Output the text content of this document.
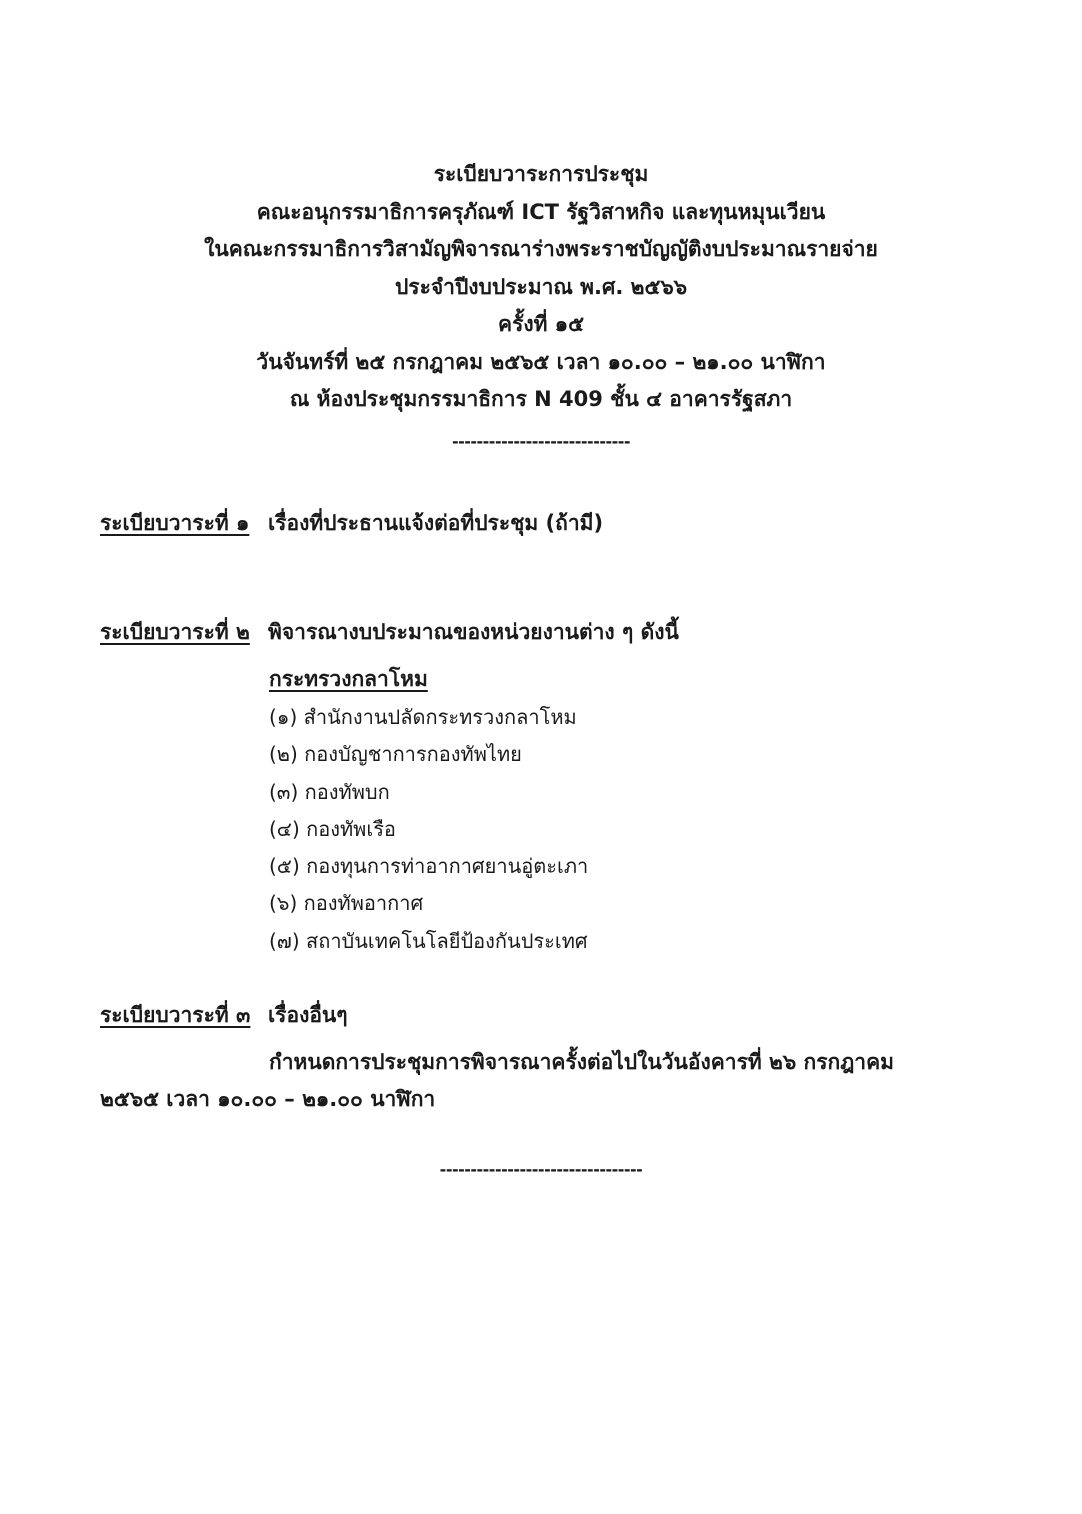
ระเบียบวาระการประชุม
คณะอนุกรรมาธิการครุภัณฑ์ ICT รัฐวิสาหกิจ และทุนหมุนเวียน
ในคณะกรรมาธิการวิสามัญพิจารณาร่างพระราชบัญญัติงบประมาณรายจ่าย
ประจำปีงบประมาณ พ.ศ. ๒๕๖๖
ครั้งที่ ๑๕
วันจันทร์ที่ ๒๕ กรกฎาคม ๒๕๖๕ เวลา ๑๐.๐๐ – ๒๑.๐๐ นาฬิกา
ณ ห้องประชุมกรรมาธิการ N 409 ชั้น ๔ อาคารรัฐสภา
-----------------------------
ระเบียบวาระที่ ๑ เรื่องที่ประธานแจ้งต่อที่ประชุม (ถ้ามี)
ระเบียบวาระที่ ๒ พิจารณางบประมาณของหน่วยงานต่าง ๆ ดังนี้
กระทรวงกลาโหม
(๑) สำนักงานปลัดกระทรวงกลาโหม
(๒) กองบัญชาการกองทัพไทย
(๓) กองทัพบก
(๔) กองทัพเรือ
(๕) กองทุนการท่าอากาศยานอู่ตะเภา
(๖) กองทัพอากาศ
(๗) สถาบันเทคโนโลยีป้องกันประเทศ
ระเบียบวาระที่ ๓ เรื่องอื่นๆ
กำหนดการประชุมการพิจารณาครั้งต่อไปในวันอังคารที่ ๒๖ กรกฎาคม
๒๕๖๕ เวลา ๑๐.๐๐ – ๒๑.๐๐ นาฬิกา
---------------------------------
